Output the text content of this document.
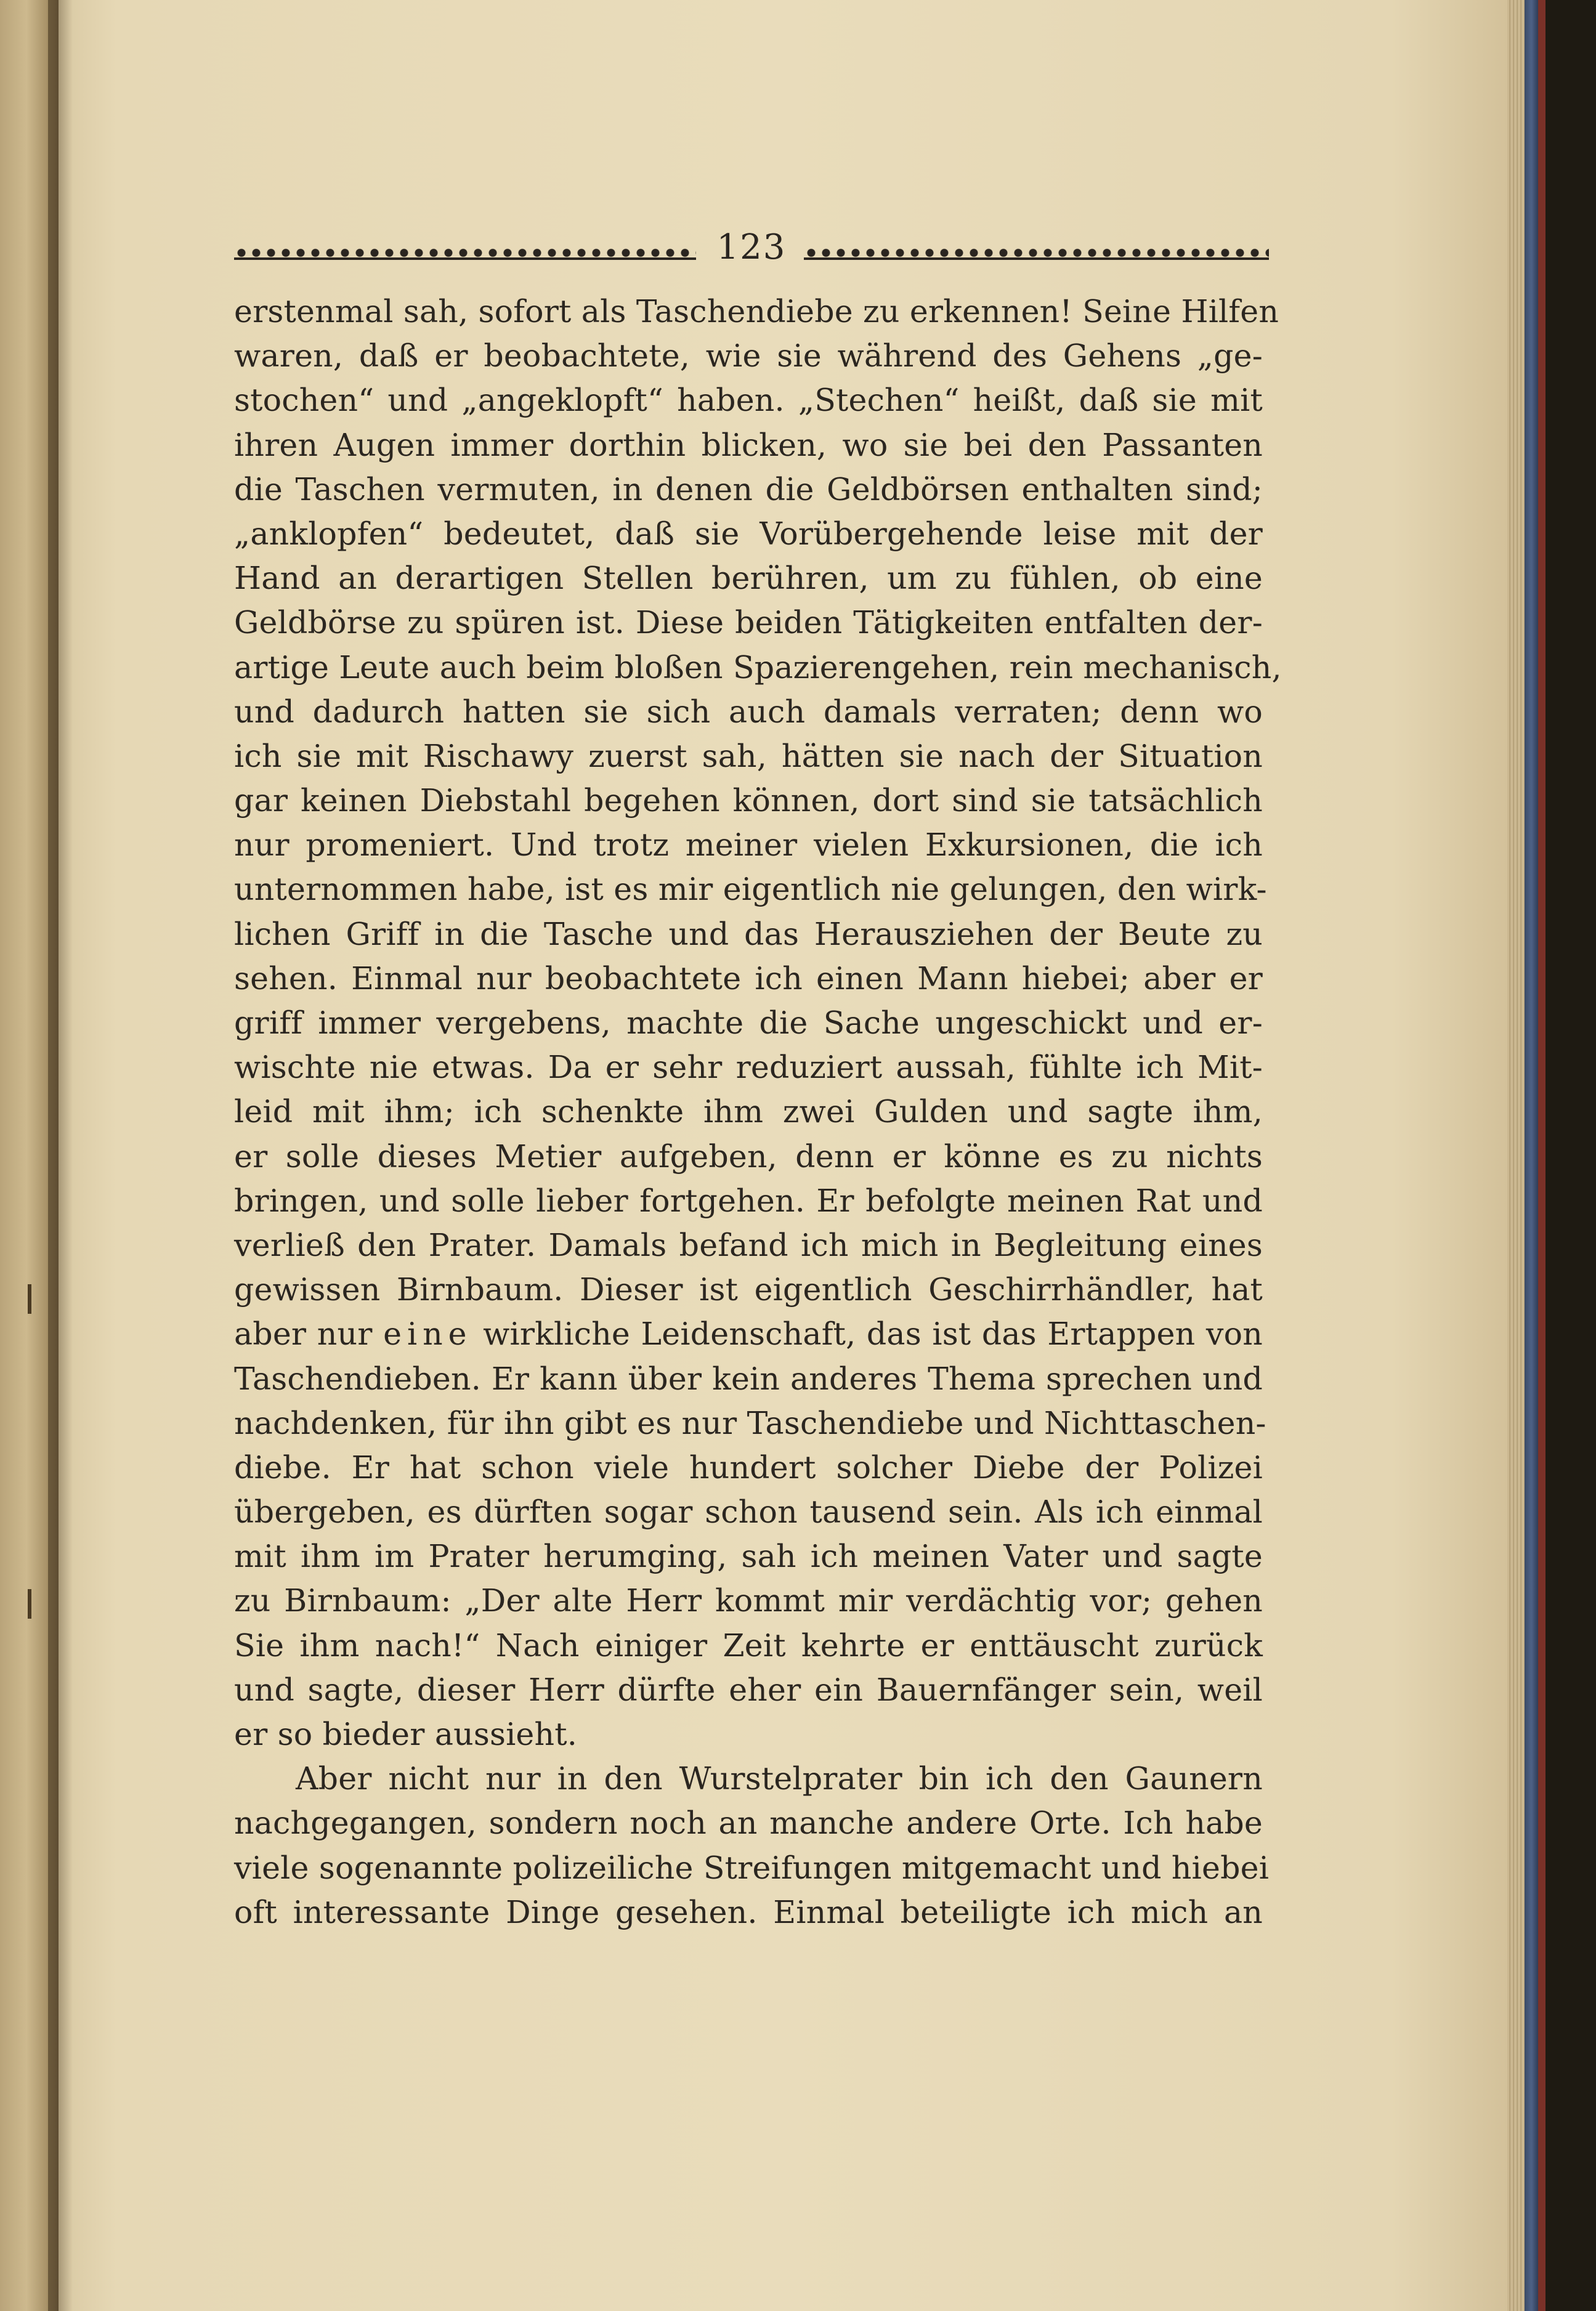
123
erstenmal sah, sofort als Taschendiebe zu erkennen! Seine Hilfen
waren, daß er beobachtete, wie sie während des Gehens „ge-
stochen“ und „angeklopft“ haben. „Stechen“ heißt, daß sie mit
ihren Augen immer dorthin blicken, wo sie bei den Passanten
die Taschen vermuten, in denen die Geldbörsen enthalten sind;
„anklopfen“ bedeutet, daß sie Vorübergehende leise mit der
Hand an derartigen Stellen berühren, um zu fühlen, ob eine
Geldbörse zu spüren ist. Diese beiden Tätigkeiten entfalten der-
artige Leute auch beim bloßen Spazierengehen, rein mechanisch,
und dadurch hatten sie sich auch damals verraten; denn wo
ich sie mit Rischawy zuerst sah, hätten sie nach der Situation
gar keinen Diebstahl begehen können, dort sind sie tatsächlich
nur promeniert. Und trotz meiner vielen Exkursionen, die ich
unternommen habe, ist es mir eigentlich nie gelungen, den wirk-
lichen Griff in die Tasche und das Herausziehen der Beute zu
sehen. Einmal nur beobachtete ich einen Mann hiebei; aber er
griff immer vergebens, machte die Sache ungeschickt und er-
wischte nie etwas. Da er sehr reduziert aussah, fühlte ich Mit-
leid mit ihm; ich schenkte ihm zwei Gulden und sagte ihm,
er solle dieses Metier aufgeben, denn er könne es zu nichts
bringen, und solle lieber fortgehen. Er befolgte meinen Rat und
verließ den Prater. Damals befand ich mich in Begleitung eines
gewissen Birnbaum. Dieser ist eigentlich Geschirrhändler, hat
aber nur eine wirkliche Leidenschaft, das ist das Ertappen von
Taschendieben. Er kann über kein anderes Thema sprechen und
nachdenken, für ihn gibt es nur Taschendiebe und Nichttaschen-
diebe. Er hat schon viele hundert solcher Diebe der Polizei
übergeben, es dürften sogar schon tausend sein. Als ich einmal
mit ihm im Prater herumging, sah ich meinen Vater und sagte
zu Birnbaum: „Der alte Herr kommt mir verdächtig vor; gehen
Sie ihm nach!“ Nach einiger Zeit kehrte er enttäuscht zurück
und sagte, dieser Herr dürfte eher ein Bauernfänger sein, weil
er so bieder aussieht.
Aber nicht nur in den Wurstelprater bin ich den Gaunern
nachgegangen, sondern noch an manche andere Orte. Ich habe
viele sogenannte polizeiliche Streifungen mitgemacht und hiebei
oft interessante Dinge gesehen. Einmal beteiligte ich mich an
